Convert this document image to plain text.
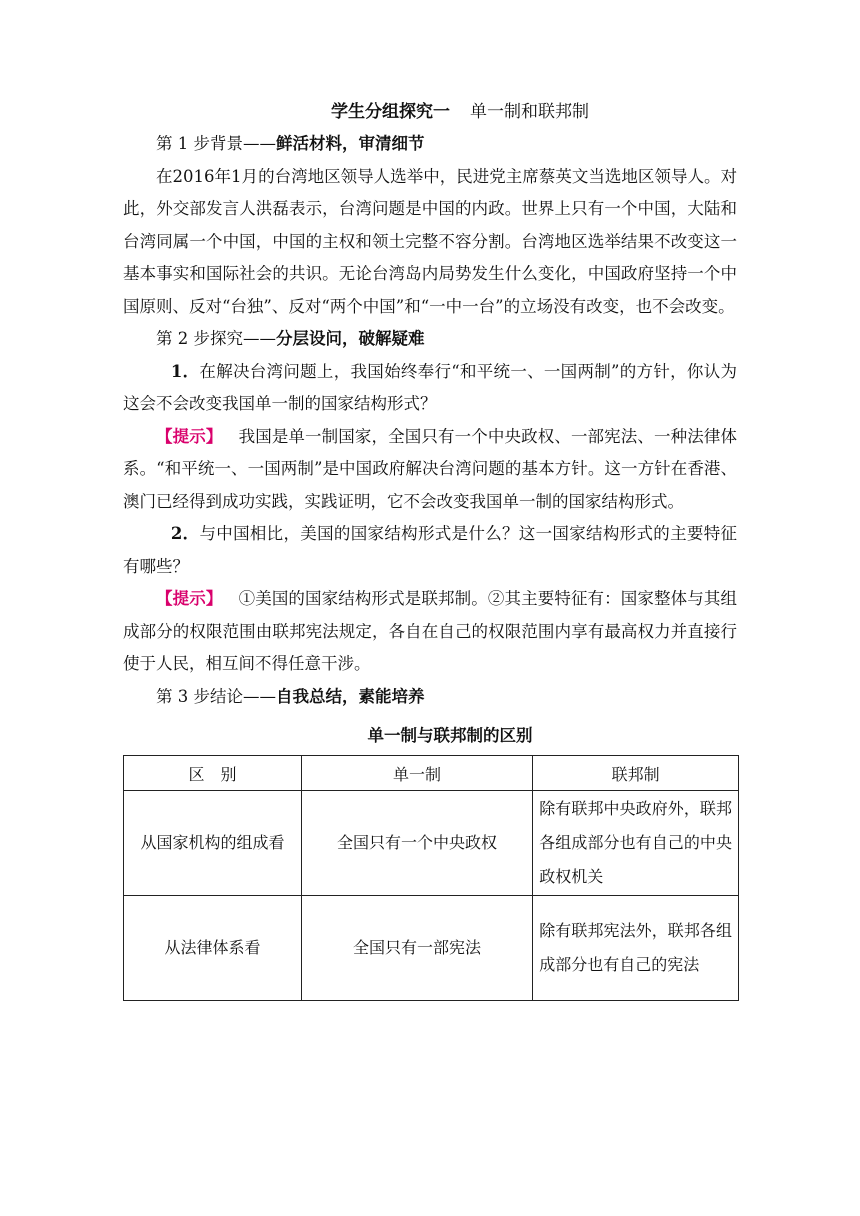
学生分组探究一 单一制和联邦制

第 1 步背景——鲜活材料，审清细节

在2016年1月的台湾地区领导人选举中，民进党主席蔡英文当选地区领导人。对此，外交部发言人洪磊表示，台湾问题是中国的内政。世界上只有一个中国，大陆和台湾同属一个中国，中国的主权和领土完整不容分割。台湾地区选举结果不改变这一基本事实和国际社会的共识。无论台湾岛内局势发生什么变化，中国政府坚持一个中国原则、反对“台独”、反对“两个中国”和“一中一台”的立场没有改变，也不会改变。

第 2 步探究——分层设问，破解疑难

1．在解决台湾问题上，我国始终奉行“和平统一、一国两制”的方针，你认为这会不会改变我国单一制的国家结构形式？

【提示】 我国是单一制国家，全国只有一个中央政权、一部宪法、一种法律体系。“和平统一、一国两制”是中国政府解决台湾问题的基本方针。这一方针在香港、澳门已经得到成功实践，实践证明，它不会改变我国单一制的国家结构形式。

2．与中国相比，美国的国家结构形式是什么？这一国家结构形式的主要特征有哪些？

【提示】 ①美国的国家结构形式是联邦制。②其主要特征有：国家整体与其组成部分的权限范围由联邦宪法规定，各自在自己的权限范围内享有最高权力并直接行使于人民，相互间不得任意干涉。

第 3 步结论——自我总结，素能培养

单一制与联邦制的区别
区　别	单一制	联邦制
从国家机构的组成看	全国只有一个中央政权	除有联邦中央政府外，联邦各组成部分也有自己的中央政权机关
从法律体系看	全国只有一部宪法	除有联邦宪法外，联邦各组成部分也有自己的宪法
